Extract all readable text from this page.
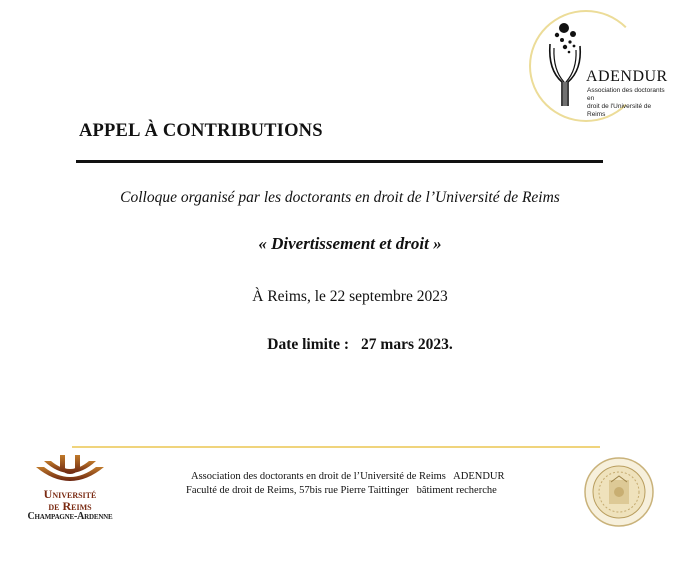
ADENDUR
Association des doctorants en
droit de l'Université de Reims
APPEL À CONTRIBUTIONS
Colloque organisé par les doctorants en droit de l’Université de Reims
« Divertissement et droit »
À Reims, le 22 septembre 2023
Date limite : 27 mars 2023.
Université
de Reims
Champagne-Ardenne
Association des doctorants en droit de l’Université de Reims   ADENDUR
Faculté de droit de Reims, 57bis rue Pierre Taittinger   bâtiment recherche
